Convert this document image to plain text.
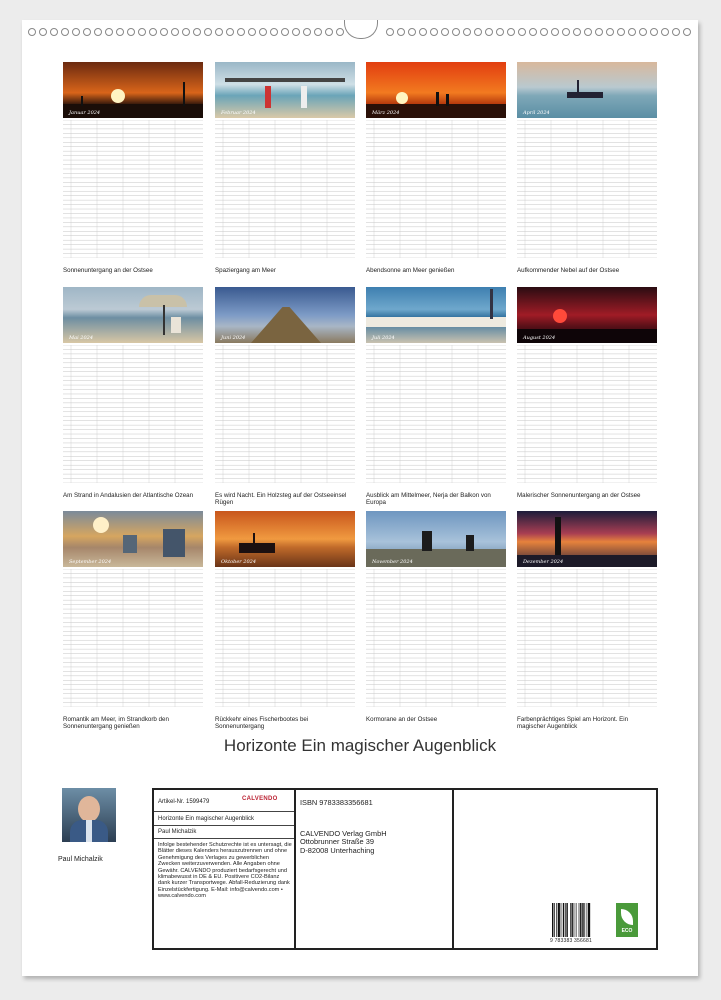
Januar 2024
Sonnenuntergang an der Ostsee
Februar 2024
Spaziergang am Meer
März 2024
Abendsonne am Meer genießen
April 2024
Aufkommender Nebel auf der Ostsee
Mai 2024
Am Strand in Andalusien der Atlantische Ozean
Juni 2024
Es wird Nacht. Ein Holzsteg auf der Ostseeinsel Rügen
Juli 2024
Ausblick am Mittelmeer, Nerja der Balkon von Europa
August 2024
Malerischer Sonnenuntergang an der Ostsee
September 2024
Romantik am Meer, im Strandkorb den Sonnenuntergang genießen
Oktober 2024
Rückkehr eines Fischerbootes bei Sonnenuntergang
November 2024
Kormorane an der Ostsee
Dezember 2024
Farbenprächtiges Spiel am Horizont. Ein magischer Augenblick
Horizonte Ein magischer Augenblick
Paul Michalzik
Artikel-Nr. 1599479	CALVENDO
Horizonte Ein magischer Augenblick
Paul Michalzik
Infolge bestehender Schutzrechte ist es untersagt, die Blätter dieses Kalenders herauszutrennen und ohne Genehmigung des Verlages zu gewerblichen Zwecken weiterzuverwenden. Alle Angaben ohne Gewähr. CALVENDO produziert bedarfsgerecht und klimabewusst in DE & EU. Positivere CO2-Bilanz dank kurzer Transportwege. Abfall-Reduzierung dank Einzelstückfertigung. E-Mail: info@calvendo.com • www.calvendo.com
ISBN 9783383356681
CALVENDO Verlag GmbH
Ottobrunner Straße 39
D-82008 Unterhaching
9 783383 356681
ECO
